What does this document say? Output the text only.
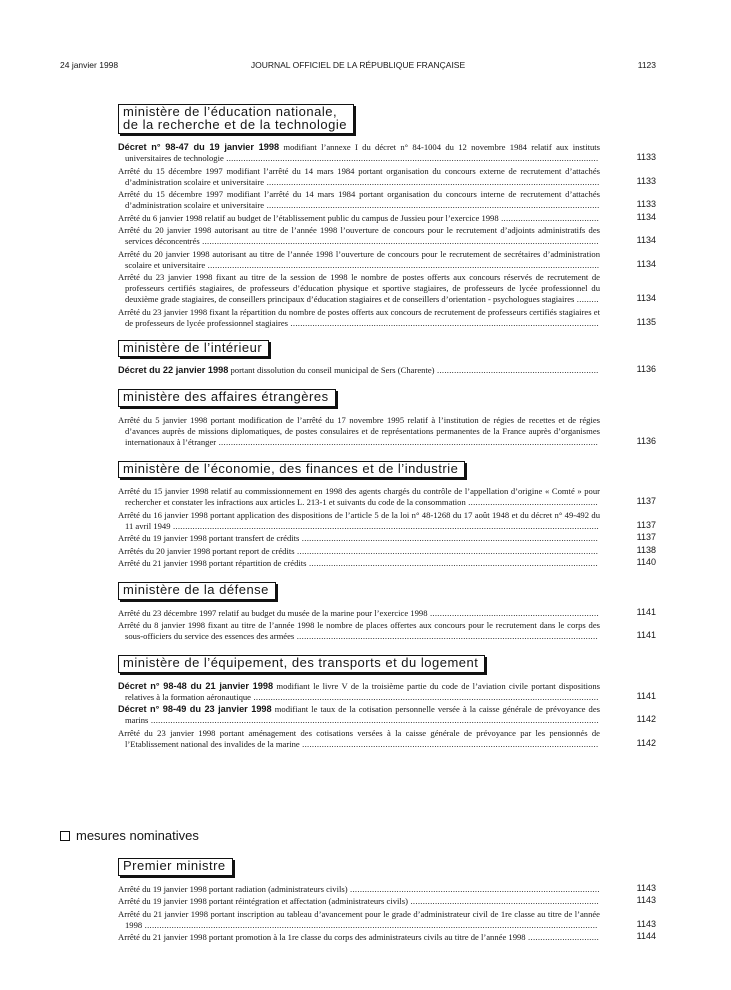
24 janvier 1998	JOURNAL OFFICIEL DE LA RÉPUBLIQUE FRANÇAISE	1123
ministère de l’éducation nationale,
de la recherche et de la technologie
Décret n° 98-47 du 19 janvier 1998 modifiant l’annexe I du décret n° 84-1004 du 12 novembre 1984 relatif aux instituts universitaires de technologie ........................................................................................................................................................	1133
Arrêté du 15 décembre 1997 modifiant l’arrêté du 14 mars 1984 portant organisation du concours externe de recrutement d’attachés d’administration scolaire et universitaire ........................................................................................................................................	1133
Arrêté du 15 décembre 1997 modifiant l’arrêté du 14 mars 1984 portant organisation du concours interne de recrutement d’attachés d’administration scolaire et universitaire ........................................................................................................................................	1133
Arrêté du 6 janvier 1998 relatif au budget de l’établissement public du campus de Jussieu pour l’exercice 1998 ........................................	1134
Arrêté du 20 janvier 1998 autorisant au titre de l’année 1998 l’ouverture de concours pour le recrutement d’adjoints administratifs des services déconcentrés ..................................................................................................................................................................	1134
Arrêté du 20 janvier 1998 autorisant au titre de l’année 1998 l’ouverture de concours pour le recrutement de secrétaires d’administration scolaire et universitaire ................................................................................................................................................................	1134
Arrêté du 23 janvier 1998 fixant au titre de la session de 1998 le nombre de postes offerts aux concours réservés de recrutement de professeurs certifiés stagiaires, de professeurs d’éducation physique et sportive stagiaires, de professeurs de lycée professionnel du deuxième grade stagiaires, de conseillers principaux d’éducation stagiaires et de conseillers d’orientation - psychologues stagiaires .........	1134
Arrêté du 23 janvier 1998 fixant la répartition du nombre de postes offerts aux concours de recrutement de professeurs certifiés stagiaires et de professeurs de lycée professionnel stagiaires ..............................................................................................................................	1135
ministère de l’intérieur
Décret du 22 janvier 1998 portant dissolution du conseil municipal de Sers (Charente) ..................................................................	1136
ministère des affaires étrangères
Arrêté du 5 janvier 1998 portant modification de l’arrêté du 17 novembre 1995 relatif à l’institution de régies de recettes et de régies d’avances auprès de missions diplomatiques, de postes consulaires et de représentations permanentes de la France auprès d’organismes internationaux à l’étranger ...........................................................................................................................................................	1136
ministère de l’économie, des finances et de l’industrie
Arrêté du 15 janvier 1998 relatif au commissionnement en 1998 des agents chargés du contrôle de l’appellation d’origine « Comté » pour rechercher et constater les infractions aux articles L. 213-1 et suivants du code de la consommation .....................................................	1137
Arrêté du 16 janvier 1998 portant application des dispositions de l’article 5 de la loi n° 48-1268 du 17 août 1948 et du décret n° 49-492 du 11 avril 1949 ..............................................................................................................................................................................	1137
Arrêté du 19 janvier 1998 portant transfert de crédits .........................................................................................................................	1137
Arrêtés du 20 janvier 1998 portant report de crédits ...........................................................................................................................	1138
Arrêté du 21 janvier 1998 portant répartition de crédits ......................................................................................................................	1140
ministère de la défense
Arrêté du 23 décembre 1997 relatif au budget du musée de la marine pour l’exercice 1998 .....................................................................	1141
Arrêté du 8 janvier 1998 fixant au titre de l’année 1998 le nombre de places offertes aux concours pour le recrutement dans le corps des sous-officiers du service des essences des armées ...........................................................................................................................	1141
ministère de l’équipement, des transports et du logement
Décret n° 98-48 du 21 janvier 1998 modifiant le livre V de la troisième partie du code de l’aviation civile portant dispositions relatives à la formation aéronautique .............................................................................................................................................	1141
Décret n° 98-49 du 23 janvier 1998 modifiant le taux de la cotisation personnelle versée à la caisse générale de prévoyance des marins .......................................................................................................................................................................................	1142
Arrêté du 23 janvier 1998 portant aménagement des cotisations versées à la caisse générale de prévoyance par les pensionnés de l’Etablissement national des invalides de la marine .........................................................................................................................	1142
mesures nominatives
Premier ministre
Arrêté du 19 janvier 1998 portant radiation (administrateurs civils) ......................................................................................................	1143
Arrêté du 19 janvier 1998 portant réintégration et affectation (administrateurs civils) .............................................................................	1143
Arrêté du 21 janvier 1998 portant inscription au tableau d’avancement pour le grade d’administrateur civil de 1re classe au titre de l’année 1998 .........................................................................................................................................................................................	1143
Arrêté du 21 janvier 1998 portant promotion à la 1re classe du corps des administrateurs civils au titre de l’année 1998 .............................	1144
